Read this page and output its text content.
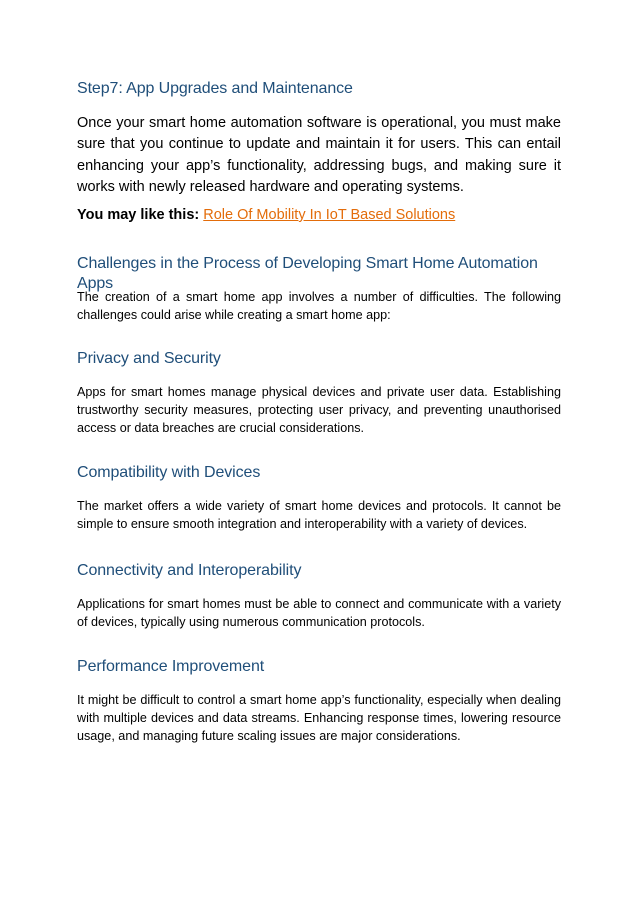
Step7: App Upgrades and Maintenance

Once your smart home automation software is operational, you must make sure that you continue to update and maintain it for users. This can entail enhancing your app’s functionality, addressing bugs, and making sure it works with newly released hardware and operating systems.

You may like this: Role Of Mobility In IoT Based Solutions

Challenges in the Process of Developing Smart Home Automation Apps

The creation of a smart home app involves a number of difficulties. The following challenges could arise while creating a smart home app:

Privacy and Security

Apps for smart homes manage physical devices and private user data. Establishing trustworthy security measures, protecting user privacy, and preventing unauthorised access or data breaches are crucial considerations.

Compatibility with Devices

The market offers a wide variety of smart home devices and protocols. It cannot be simple to ensure smooth integration and interoperability with a variety of devices.

Connectivity and Interoperability

Applications for smart homes must be able to connect and communicate with a variety of devices, typically using numerous communication protocols.

Performance Improvement

It might be difficult to control a smart home app’s functionality, especially when dealing with multiple devices and data streams. Enhancing response times, lowering resource usage, and managing future scaling issues are major considerations.
